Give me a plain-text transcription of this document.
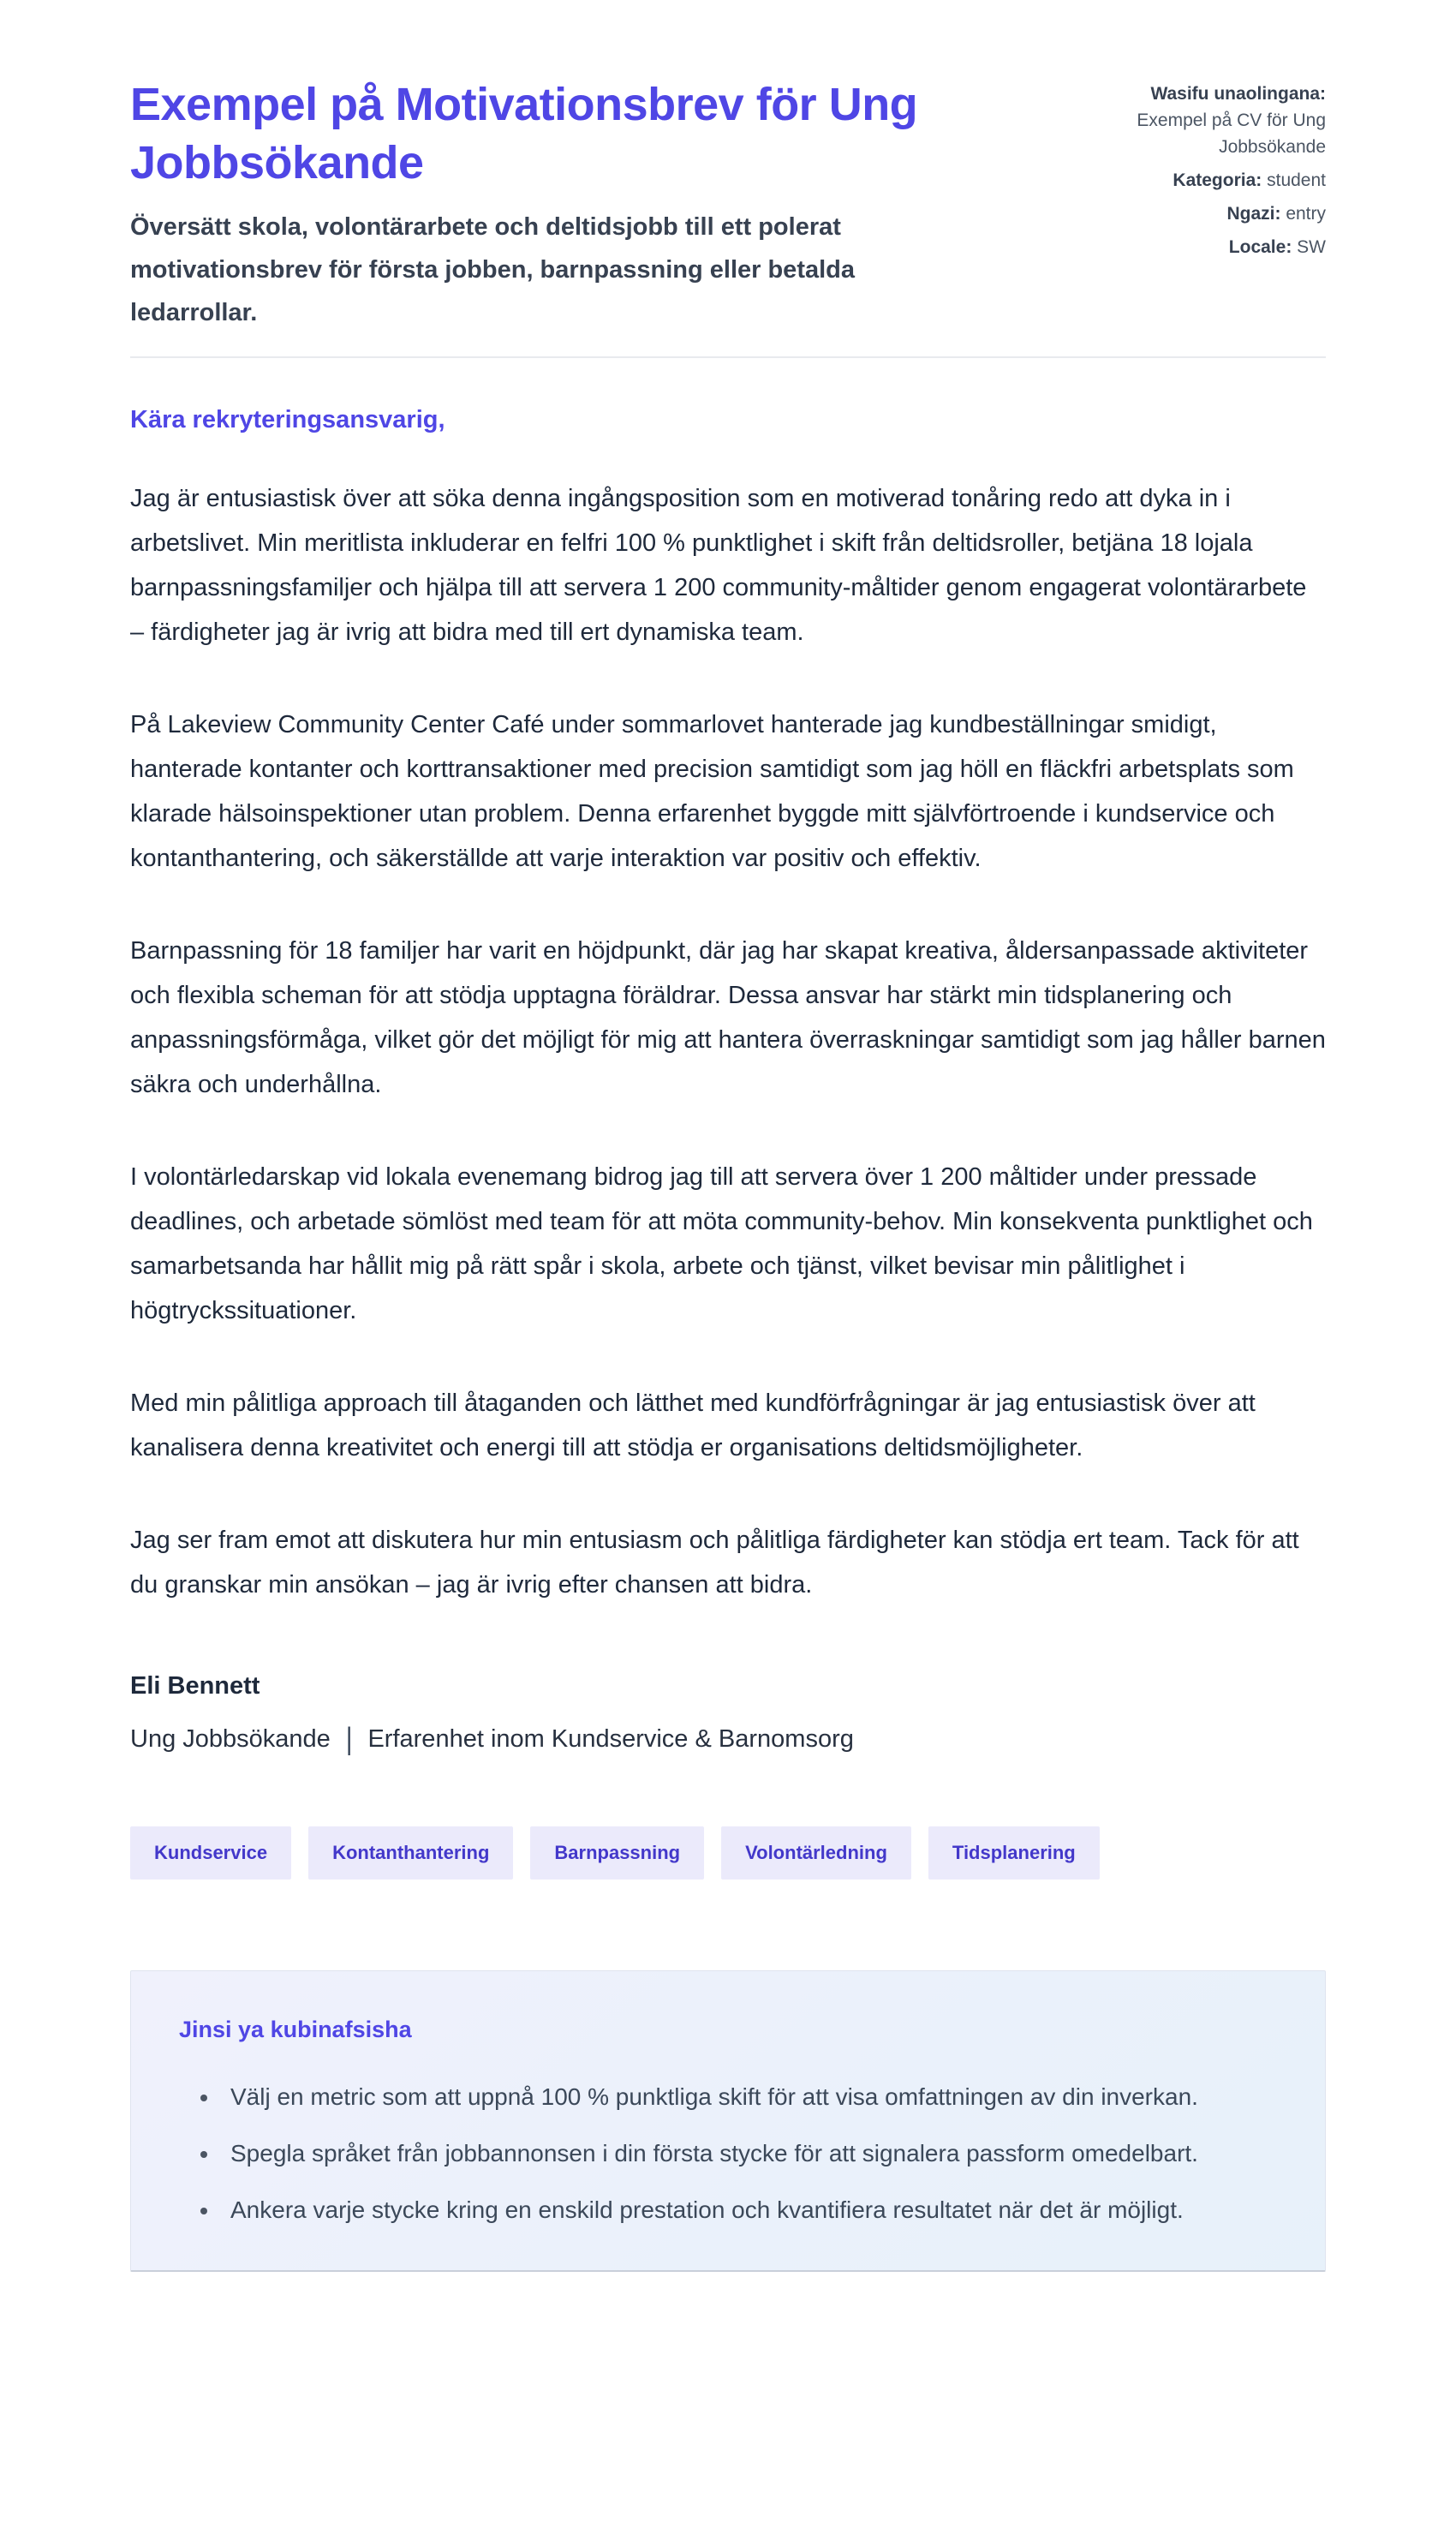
Exempel på Motivationsbrev för Ung Jobbsökande

Översätt skola, volontärarbete och deltidsjobb till ett polerat motivationsbrev för första jobben, barnpassning eller betalda ledarrollar.

Wasifu unaolingana:
Exempel på CV för Ung Jobbsökande
Kategoria: student
Ngazi: entry
Locale: SW

Kära rekryteringsansvarig,

Jag är entusiastisk över att söka denna ingångsposition som en motiverad tonåring redo att dyka in i arbetslivet. Min meritlista inkluderar en felfri 100 % punktlighet i skift från deltidsroller, betjäna 18 lojala barnpassningsfamiljer och hjälpa till att servera 1 200 community-måltider genom engagerat volontärarbete – färdigheter jag är ivrig att bidra med till ert dynamiska team.

På Lakeview Community Center Café under sommarlovet hanterade jag kundbeställningar smidigt, hanterade kontanter och korttransaktioner med precision samtidigt som jag höll en fläckfri arbetsplats som klarade hälsoinspektioner utan problem. Denna erfarenhet byggde mitt självförtroende i kundservice och kontanthantering, och säkerställde att varje interaktion var positiv och effektiv.

Barnpassning för 18 familjer har varit en höjdpunkt, där jag har skapat kreativa, åldersanpassade aktiviteter och flexibla scheman för att stödja upptagna föräldrar. Dessa ansvar har stärkt min tidsplanering och anpassningsförmåga, vilket gör det möjligt för mig att hantera överraskningar samtidigt som jag håller barnen säkra och underhållna.

I volontärledarskap vid lokala evenemang bidrog jag till att servera över 1 200 måltider under pressade deadlines, och arbetade sömlöst med team för att möta community-behov. Min konsekventa punktlighet och samarbetsanda har hållit mig på rätt spår i skola, arbete och tjänst, vilket bevisar min pålitlighet i högtryckssituationer.

Med min pålitliga approach till åtaganden och lätthet med kundförfrågningar är jag entusiastisk över att kanalisera denna kreativitet och energi till att stödja er organisations deltidsmöjligheter.

Jag ser fram emot att diskutera hur min entusiasm och pålitliga färdigheter kan stödja ert team. Tack för att du granskar min ansökan – jag är ivrig efter chansen att bidra.

Eli Bennett

Ung Jobbsökande | Erfarenhet inom Kundservice & Barnomsorg

Kundservice	Kontanthantering	Barnpassning	Volontärledning	Tidsplanering
Jinsi ya kubinafsisha
• Välj en metric som att uppnå 100 % punktliga skift för att visa omfattningen av din inverkan.
• Spegla språket från jobbannonsen i din första stycke för att signalera passform omedelbart.
• Ankera varje stycke kring en enskild prestation och kvantifiera resultatet när det är möjligt.
